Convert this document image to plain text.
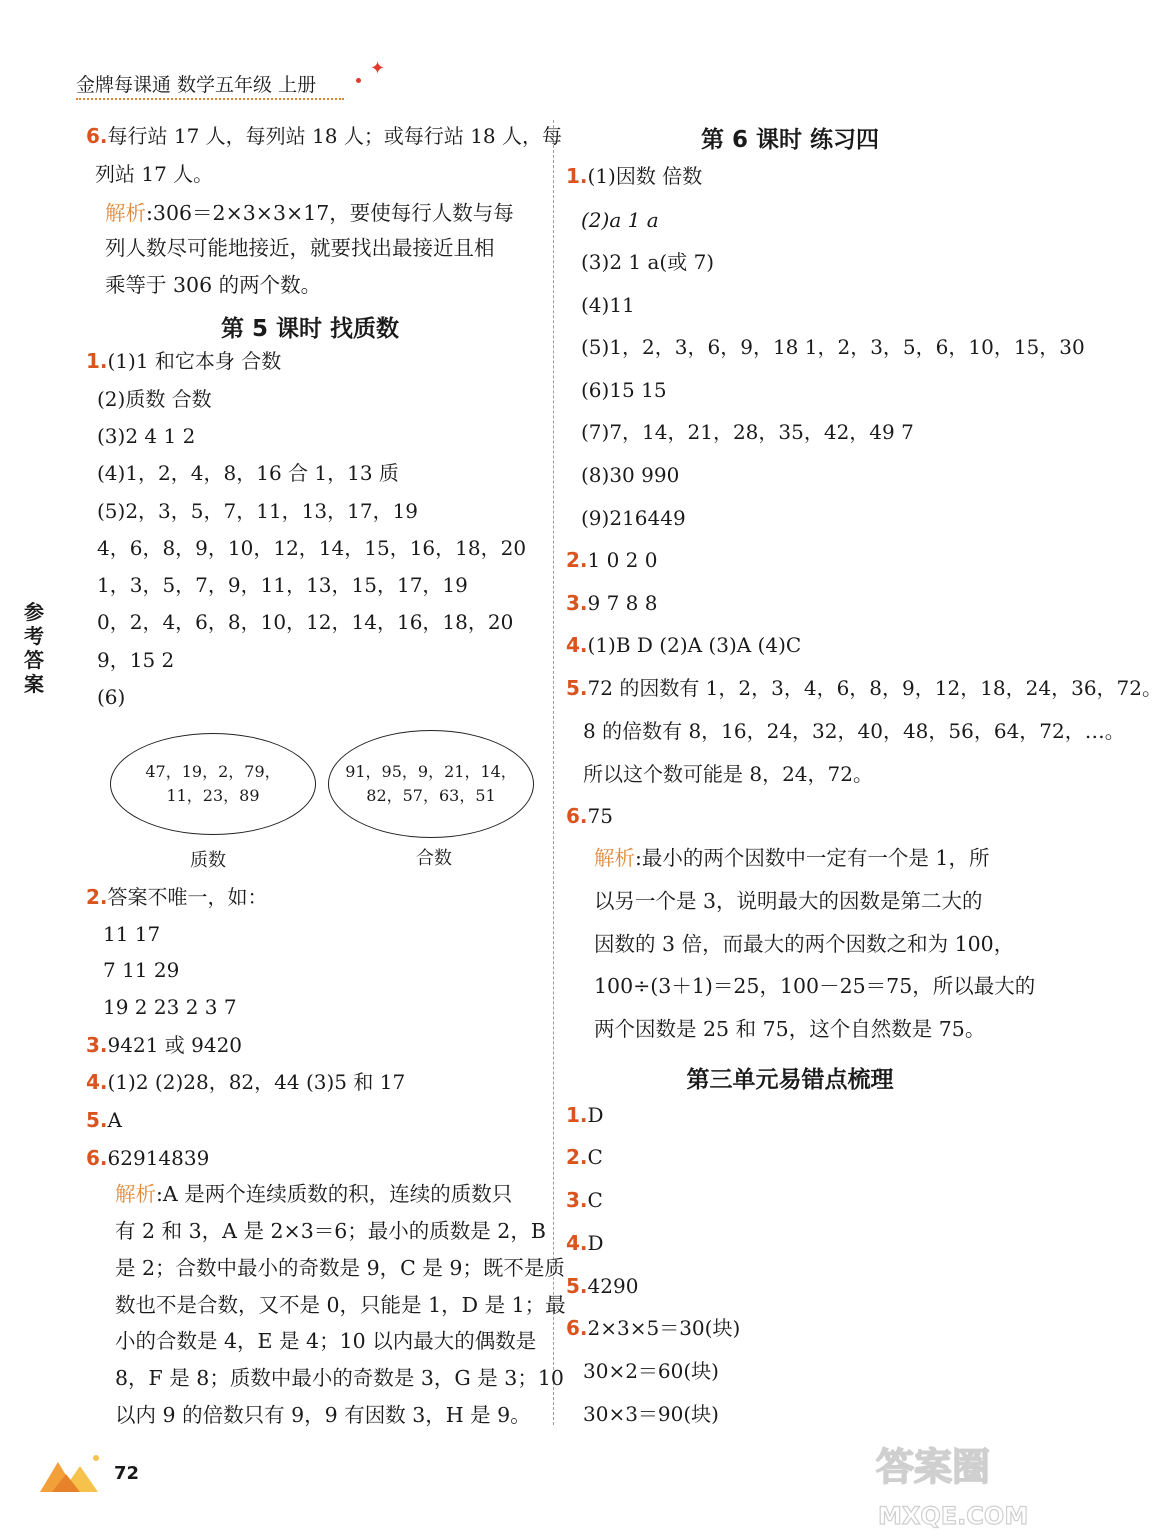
金牌每课通 数学五年级 上册
✦
参考答案
6.每行站 17 人，每列站 18 人；或每行站 18 人，每
列站 17 人。
解析:306＝2×3×3×17，要使每行人数与每
列人数尽可能地接近，就要找出最接近且相
乘等于 306 的两个数。
第 5 课时 找质数
1.(1)1 和它本身 合数
(2)质数 合数
(3)2 4 1 2
(4)1，2，4，8，16 合 1，13 质
(5)2，3，5，7，11，13，17，19
4，6，8，9，10，12，14，15，16，18，20
1，3，5，7，9，11，13，15，17，19
0，2，4，6，8，10，12，14，16，18，20
9，15 2
(6)
47，19，2，79，
11，23，89
91，95，9，21，14，
82，57，63，51
质数	合数
2.答案不唯一，如：
11 17
7 11 29
19 2 23 2 3 7
3.9421 或 9420
4.(1)2 (2)28，82，44 (3)5 和 17
5.A
6.62914839
解析:A 是两个连续质数的积，连续的质数只
有 2 和 3，A 是 2×3＝6；最小的质数是 2，B
是 2；合数中最小的奇数是 9，C 是 9；既不是质
数也不是合数，又不是 0，只能是 1，D 是 1；最
小的合数是 4，E 是 4；10 以内最大的偶数是
8，F 是 8；质数中最小的奇数是 3，G 是 3；10
以内 9 的倍数只有 9，9 有因数 3，H 是 9。
第 6 课时 练习四
1.(1)因数 倍数
(2)a 1 a
(3)2 1 a(或 7)
(4)11
(5)1，2，3，6，9，18 1，2，3，5，6，10，15，30
(6)15 15
(7)7，14，21，28，35，42，49 7
(8)30 990
(9)216449
2.1 0 2 0
3.9 7 8 8
4.(1)B D (2)A (3)A (4)C
5.72 的因数有 1，2，3，4，6，8，9，12，18，24，36，72。
8 的倍数有 8，16，24，32，40，48，56，64，72，…。
所以这个数可能是 8，24，72。
6.75
解析:最小的两个因数中一定有一个是 1，所
以另一个是 3，说明最大的因数是第二大的
因数的 3 倍，而最大的两个因数之和为 100，
100÷(3＋1)＝25，100－25＝75，所以最大的
两个因数是 25 和 75，这个自然数是 75。
第三单元易错点梳理
1.D
2.C
3.C
4.D
5.4290
6.2×3×5＝30(块)
30×2＝60(块)
30×3＝90(块)
72	答案圈
MXQE.COM
